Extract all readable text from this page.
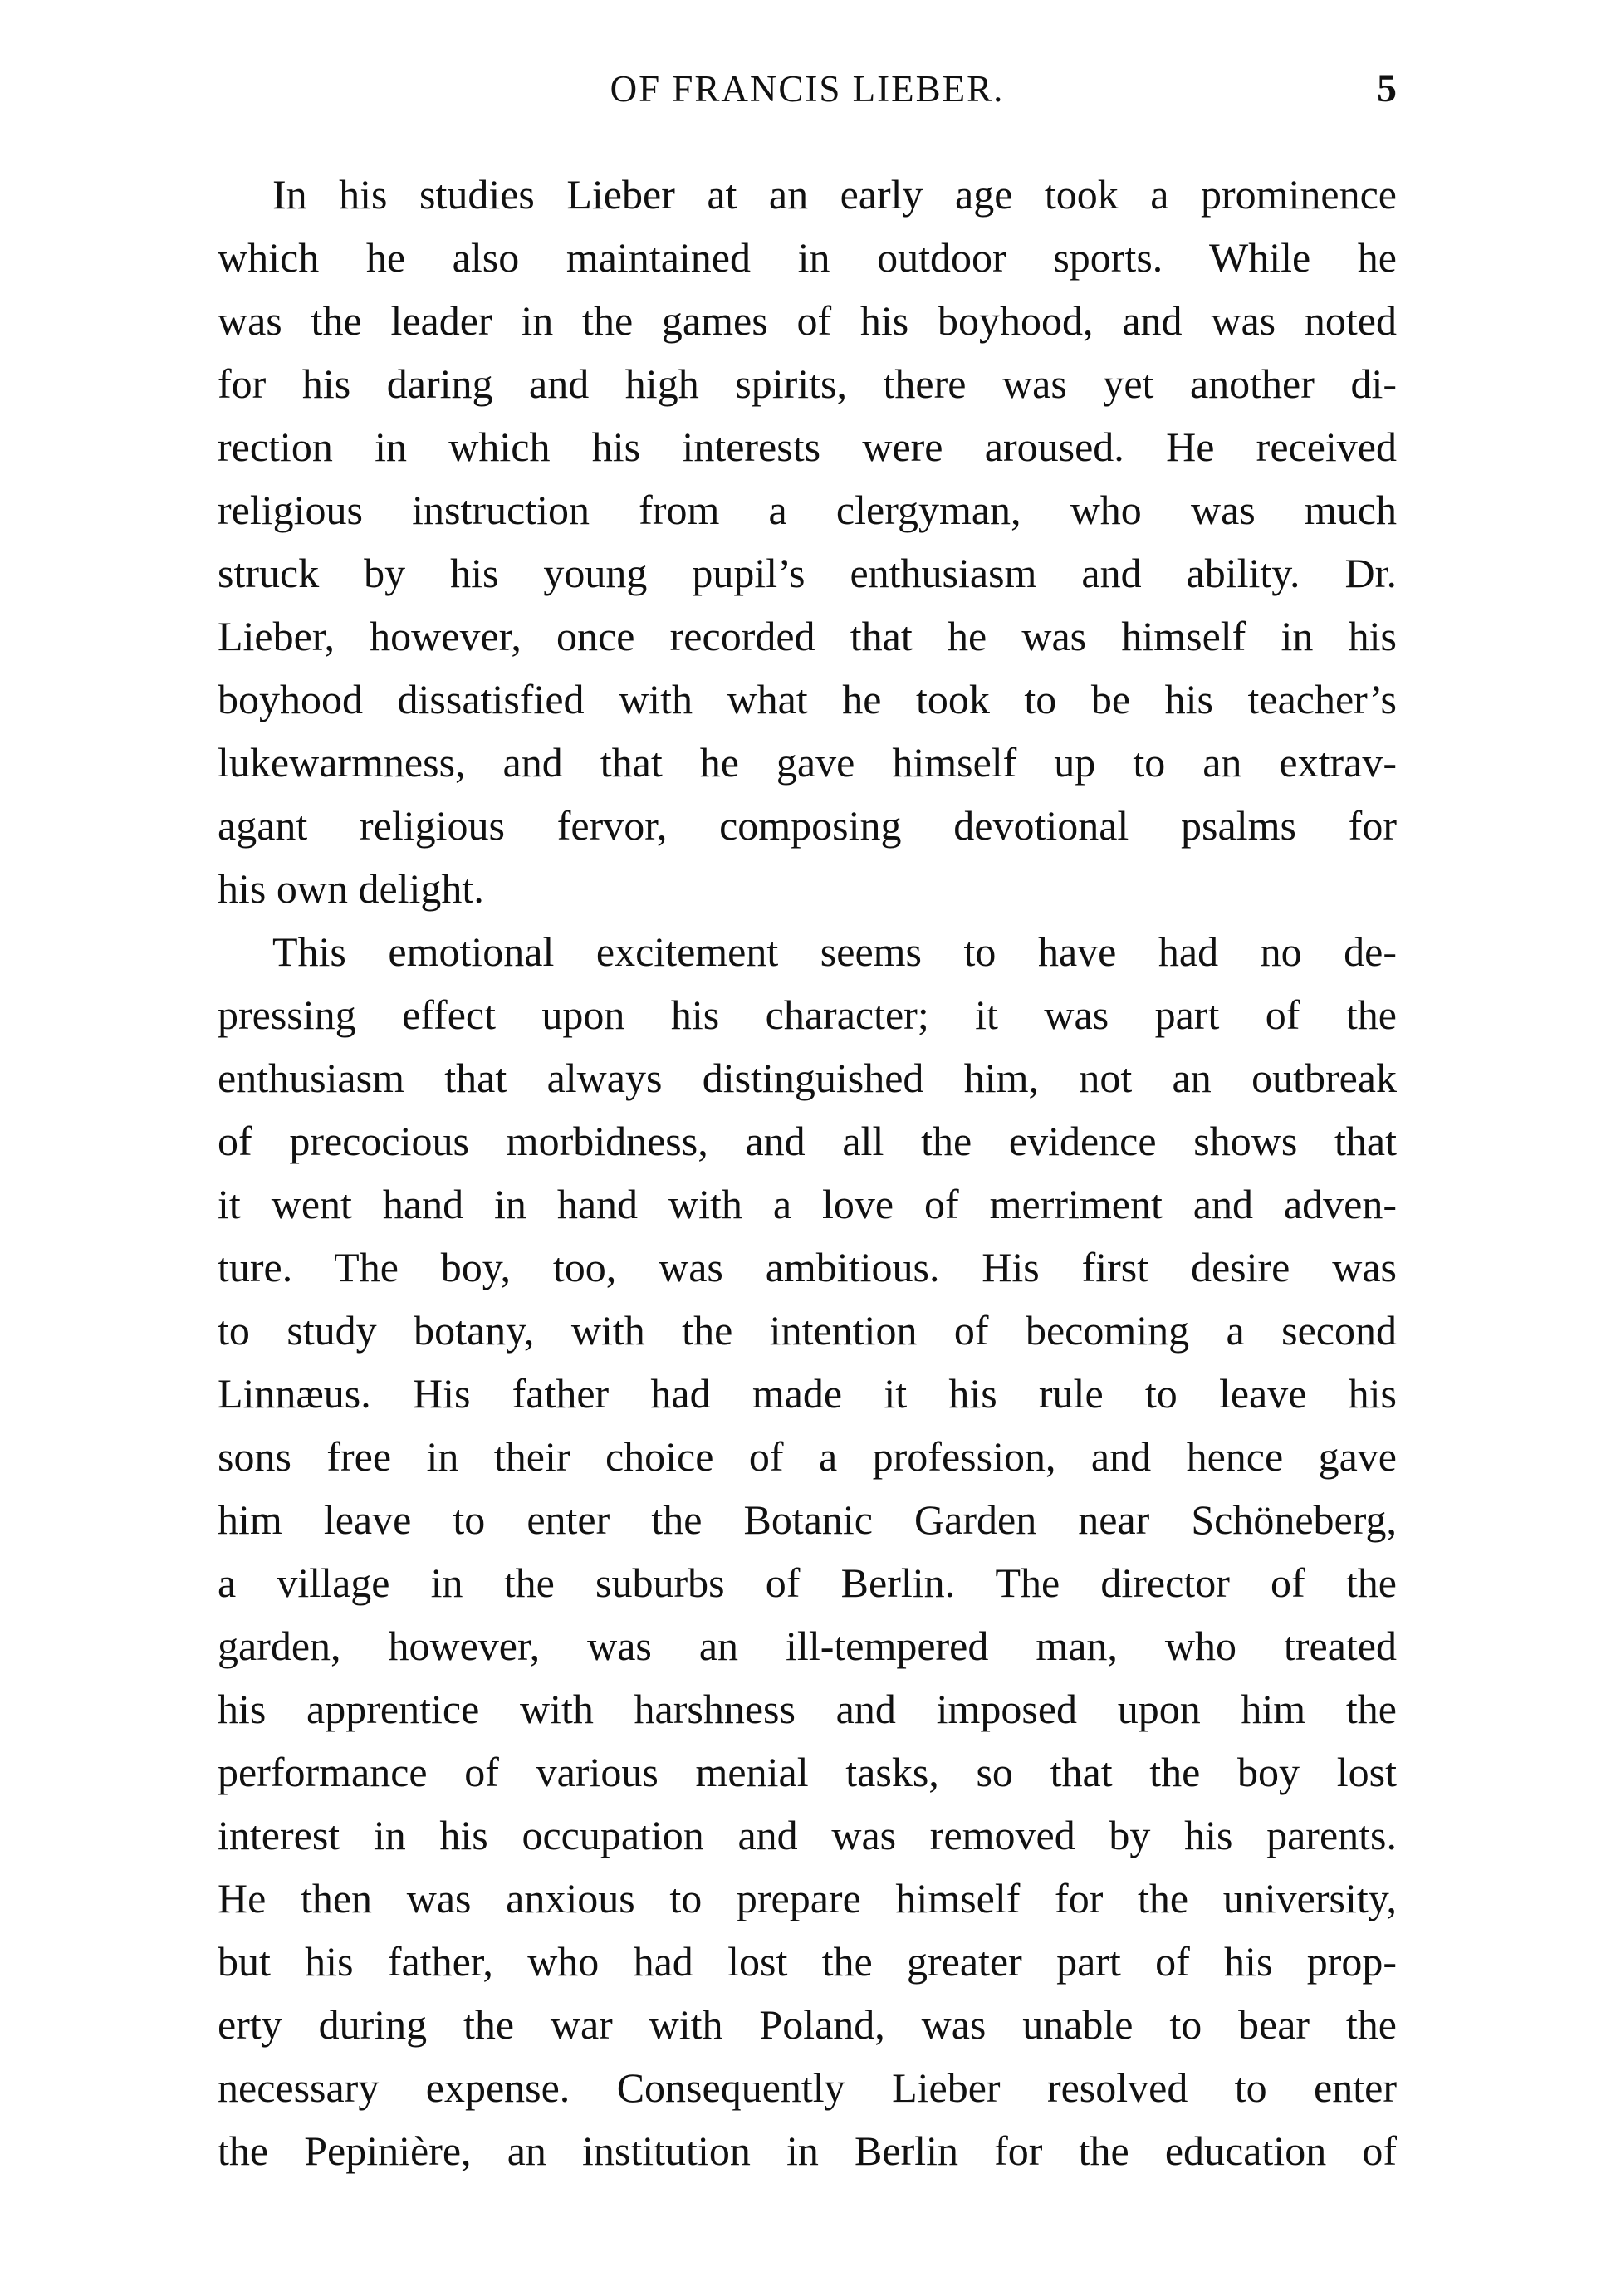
OF FRANCIS LIEBER.	5
In his studies Lieber at an early age took a prominence
which he also maintained in outdoor sports. While he
was the leader in the games of his boyhood, and was noted
for his daring and high spirits, there was yet another di-
rection in which his interests were aroused. He received
religious instruction from a clergyman, who was much
struck by his young pupil’s enthusiasm and ability. Dr.
Lieber, however, once recorded that he was himself in his
boyhood dissatisfied with what he took to be his teacher’s
lukewarmness, and that he gave himself up to an extrav-
agant religious fervor, composing devotional psalms for
his own delight.
This emotional excitement seems to have had no de-
pressing effect upon his character; it was part of the
enthusiasm that always distinguished him, not an outbreak
of precocious morbidness, and all the evidence shows that
it went hand in hand with a love of merriment and adven-
ture. The boy, too, was ambitious. His first desire was
to study botany, with the intention of becoming a second
Linnæus. His father had made it his rule to leave his
sons free in their choice of a profession, and hence gave
him leave to enter the Botanic Garden near Schöneberg,
a village in the suburbs of Berlin. The director of the
garden, however, was an ill-tempered man, who treated
his apprentice with harshness and imposed upon him the
performance of various menial tasks, so that the boy lost
interest in his occupation and was removed by his parents.
He then was anxious to prepare himself for the university,
but his father, who had lost the greater part of his prop-
erty during the war with Poland, was unable to bear the
necessary expense. Consequently Lieber resolved to enter
the Pepinière, an institution in Berlin for the education of
